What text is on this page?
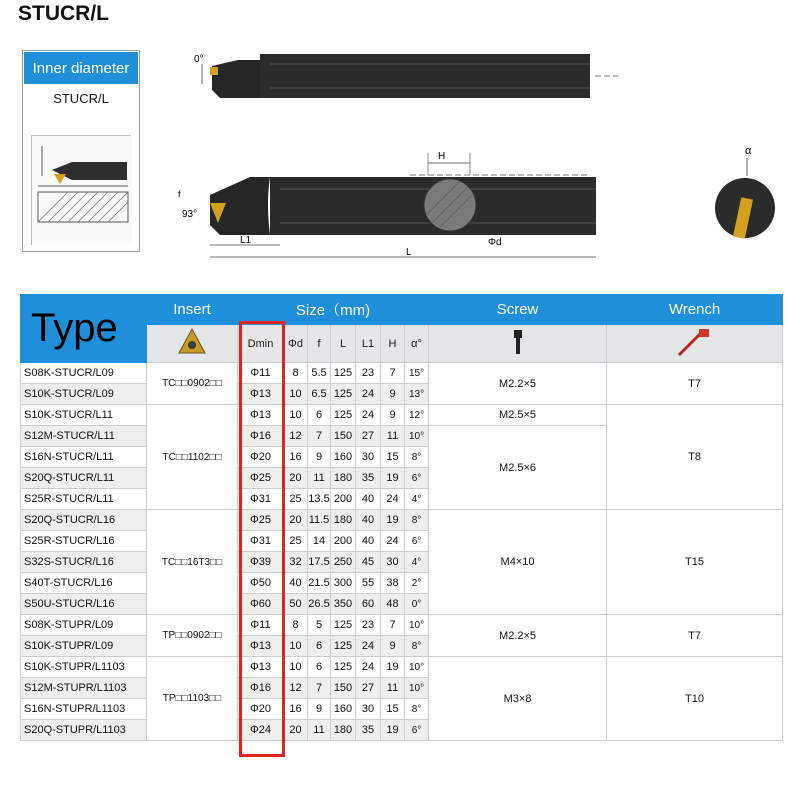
STUCR/L
Inner diameter
STUCR/L
0°
H
93°
f
Φd
L1
L
α
Type	Insert	Size（mm)							Screw	Wrench
	Dmin	Φd	f	L	L1	H	α°		
S08K-STUCR/L09	TC□□0902□□	Φ11	8	5.5	125	23	7	15°	M2.2×5	T7
S10K-STUCR/L09		Φ13	10	6.5	125	24	9	13°		
S10K-STUCR/L11	TC□□1102□□	Φ13	10	6	125	24	9	12°	M2.5×5	T8
S12M-STUCR/L11		Φ16	12	7	150	27	11	10°	M2.5×6	
S16N-STUCR/L11		Φ20	16	9	160	30	15	8°		
S20Q-STUCR/L11		Φ25	20	11	180	35	19	6°		
S25R-STUCR/L11		Φ31	25	13.5	200	40	24	4°		
S20Q-STUCR/L16	TC□□16T3□□	Φ25	20	11.5	180	40	19	8°	M4×10	T15
S25R-STUCR/L16		Φ31	25	14	200	40	24	6°		
S32S-STUCR/L16		Φ39	32	17.5	250	45	30	4°		
S40T-STUCR/L16		Φ50	40	21.5	300	55	38	2°		
S50U-STUCR/L16		Φ60	50	26.5	350	60	48	0°		
S08K-STUPR/L09	TP□□0902□□	Φ11	8	5	125	23	7	10°	M2.2×5	T7
S10K-STUPR/L09		Φ13	10	6	125	24	9	8°		
S10K-STUPR/L1103	TP□□1103□□	Φ13	10	6	125	24	19	10°	M3×8	T10
S12M-STUPR/L1103		Φ16	12	7	150	27	11	10°		
S16N-STUPR/L1103		Φ20	16	9	160	30	15	8°		
S20Q-STUPR/L1103		Φ24	20	11	180	35	19	6°		
